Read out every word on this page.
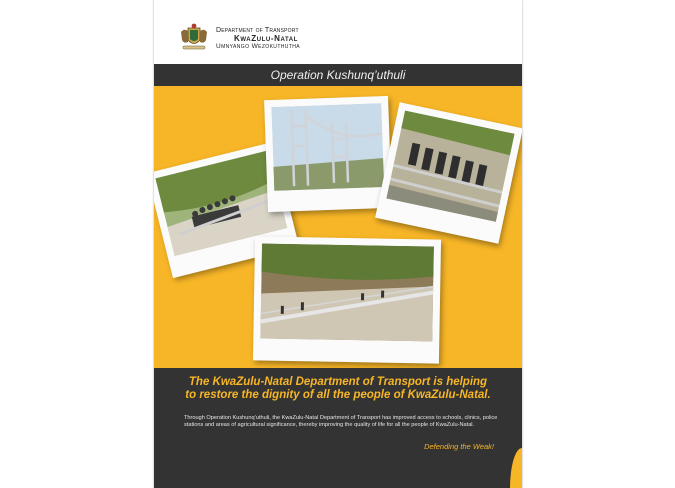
Department of Transport
KwaZulu-Natal
Umnyango Wezokuthutha
Operation Kushunq’uthuli
The KwaZulu-Natal Department of Transport is helping
to restore the dignity of all the people of KwaZulu-Natal.
Through Operation Kushunq’uthuli, the KwaZulu-Natal Department of Transport has improved access to schools, clinics, police stations and areas of agricultural significance, thereby improving the quality of life for all the people of KwaZulu-Natal.
Defending the Weak!
